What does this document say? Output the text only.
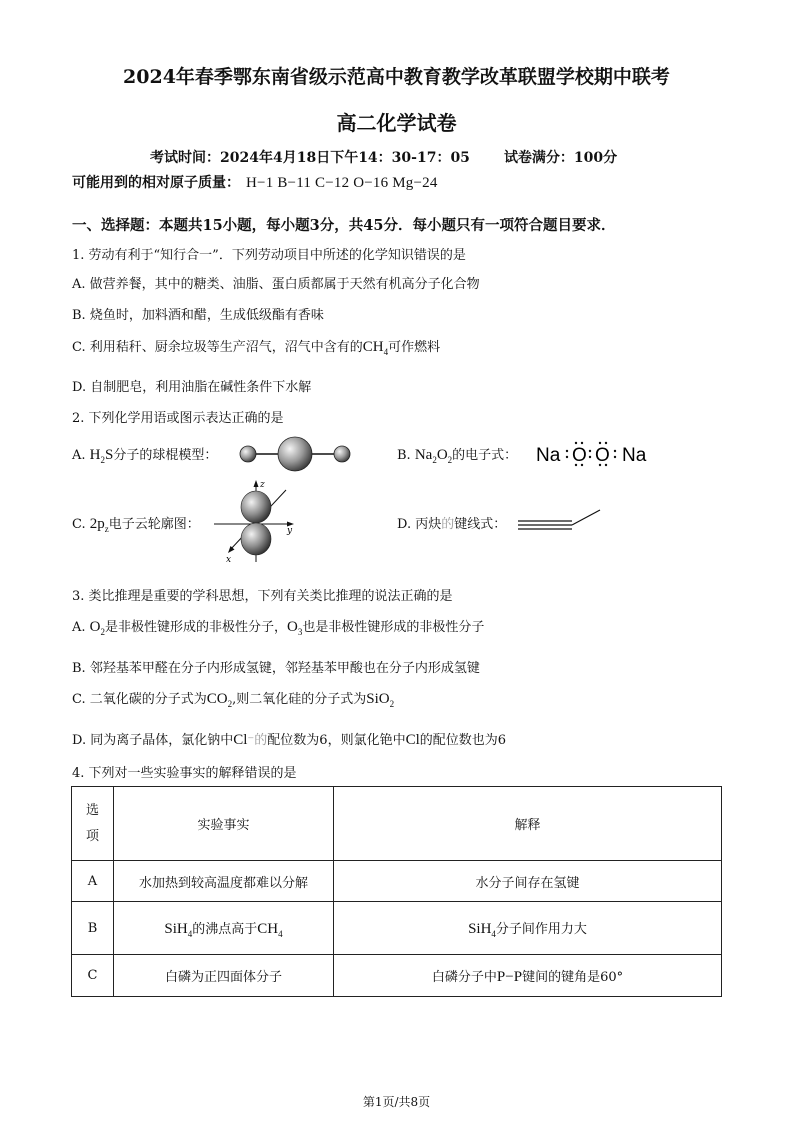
2024年春季鄂东南省级示范高中教育教学改革联盟学校期中联考
高二化学试卷
考试时间：2024年4月18日下午14：30-17：05 试卷满分：100分
可能用到的相对原子质量： H−1 B−11 C−12 O−16 Mg−24
一、选择题：本题共15小题，每小题3分，共45分．每小题只有一项符合题目要求．
1. 劳动有利于“知行合一”．下列劳动项目中所述的化学知识错误的是
A. 做营养餐，其中的糖类、油脂、蛋白质都属于天然有机高分子化合物
B. 烧鱼时，加料酒和醋，生成低级酯有香味
C. 利用秸秆、厨余垃圾等生产沼气，沼气中含有的$CH_4$可作燃料
D. 自制肥皂，利用油脂在碱性条件下水解
2. 下列化学用语或图示表达正确的是
A. $H_2S$分子的球棍模型：	B. $Na_2O_2$的电子式： Na O O Na
C. $2p_z$电子云轮廓图：
z
y
x
D. 丙炔的键线式：
3. 类比推理是重要的学科思想，下列有关类比推理的说法正确的是
A. $O_2$是非极性键形成的非极性分子，$O_3$也是非极性键形成的非极性分子
B. 邻羟基苯甲醛在分子内形成氢键，邻羟基苯甲酸也在分子内形成氢键
C. 二氧化碳的分子式为$CO_2$,则二氧化硅的分子式为SiO$_2$
D. 同为离子晶体，氯化钠中Cl⁻的配位数为6，则氯化铯中Cl的配位数也为6
4. 下列对一些实验事实的解释错误的是
选
项	实验事实	解释
A	水加热到较高温度都难以分解	水分子间存在氢键
B	SiH$_4$的沸点高于$CH_4$	SiH$_4$分子间作用力大
C	白磷为正四面体分子	白磷分子中P−P键间的键角是60°
第1页/共8页
